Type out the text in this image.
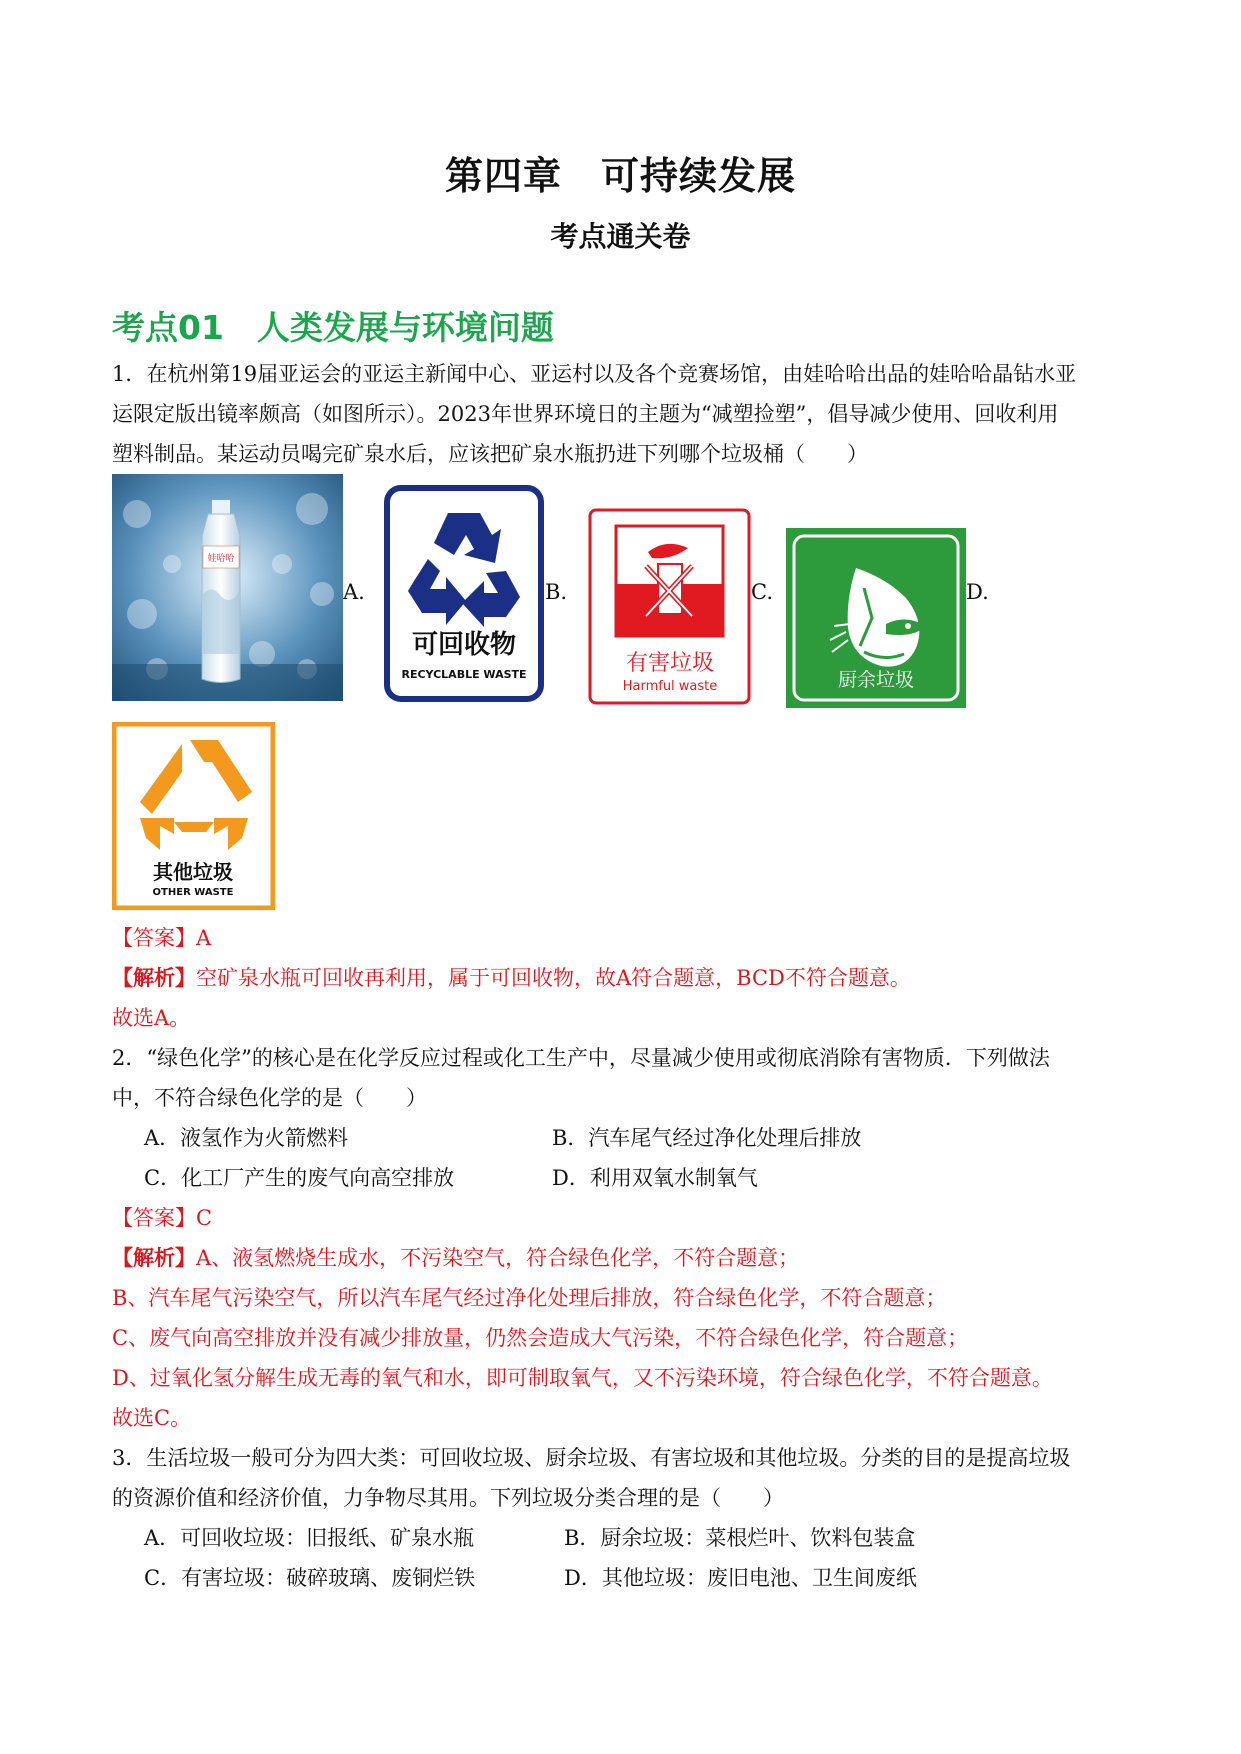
第四章　可持续发展
考点通关卷
考点01　人类发展与环境问题
1．在杭州第19届亚运会的亚运主新闻中心、亚运村以及各个竞赛场馆，由娃哈哈出品的娃哈哈晶钻水亚
运限定版出镜率颇高（如图所示）。2023年世界环境日的主题为“减塑捡塑”，倡导减少使用、回收利用
塑料制品。某运动员喝完矿泉水后，应该把矿泉水瓶扔进下列哪个垃圾桶（　　）
娃哈哈
A.
可回收物
RECYCLABLE WASTE
B.
有害垃圾
Harmful waste
C.
厨余垃圾
D.
其他垃圾
OTHER WASTE
【答案】A
【解析】空矿泉水瓶可回收再利用，属于可回收物，故A符合题意，BCD不符合题意。
故选A。
2．“绿色化学”的核心是在化学反应过程或化工生产中，尽量减少使用或彻底消除有害物质．下列做法
中，不符合绿色化学的是（　　）
A．液氢作为火箭燃料	B．汽车尾气经过净化处理后排放
C．化工厂产生的废气向高空排放	D．利用双氧水制氧气
【答案】C
【解析】A、液氢燃烧生成水，不污染空气，符合绿色化学，不符合题意；
B、汽车尾气污染空气，所以汽车尾气经过净化处理后排放，符合绿色化学，不符合题意；
C、废气向高空排放并没有减少排放量，仍然会造成大气污染，不符合绿色化学，符合题意；
D、过氧化氢分解生成无毒的氧气和水，即可制取氧气，又不污染环境，符合绿色化学，不符合题意。
故选C。
3．生活垃圾一般可分为四大类：可回收垃圾、厨余垃圾、有害垃圾和其他垃圾。分类的目的是提高垃圾
的资源价值和经济价值，力争物尽其用。下列垃圾分类合理的是（　　）
A．可回收垃圾：旧报纸、矿泉水瓶	B．厨余垃圾：菜根烂叶、饮料包装盒
C．有害垃圾：破碎玻璃、废铜烂铁	D．其他垃圾：废旧电池、卫生间废纸
